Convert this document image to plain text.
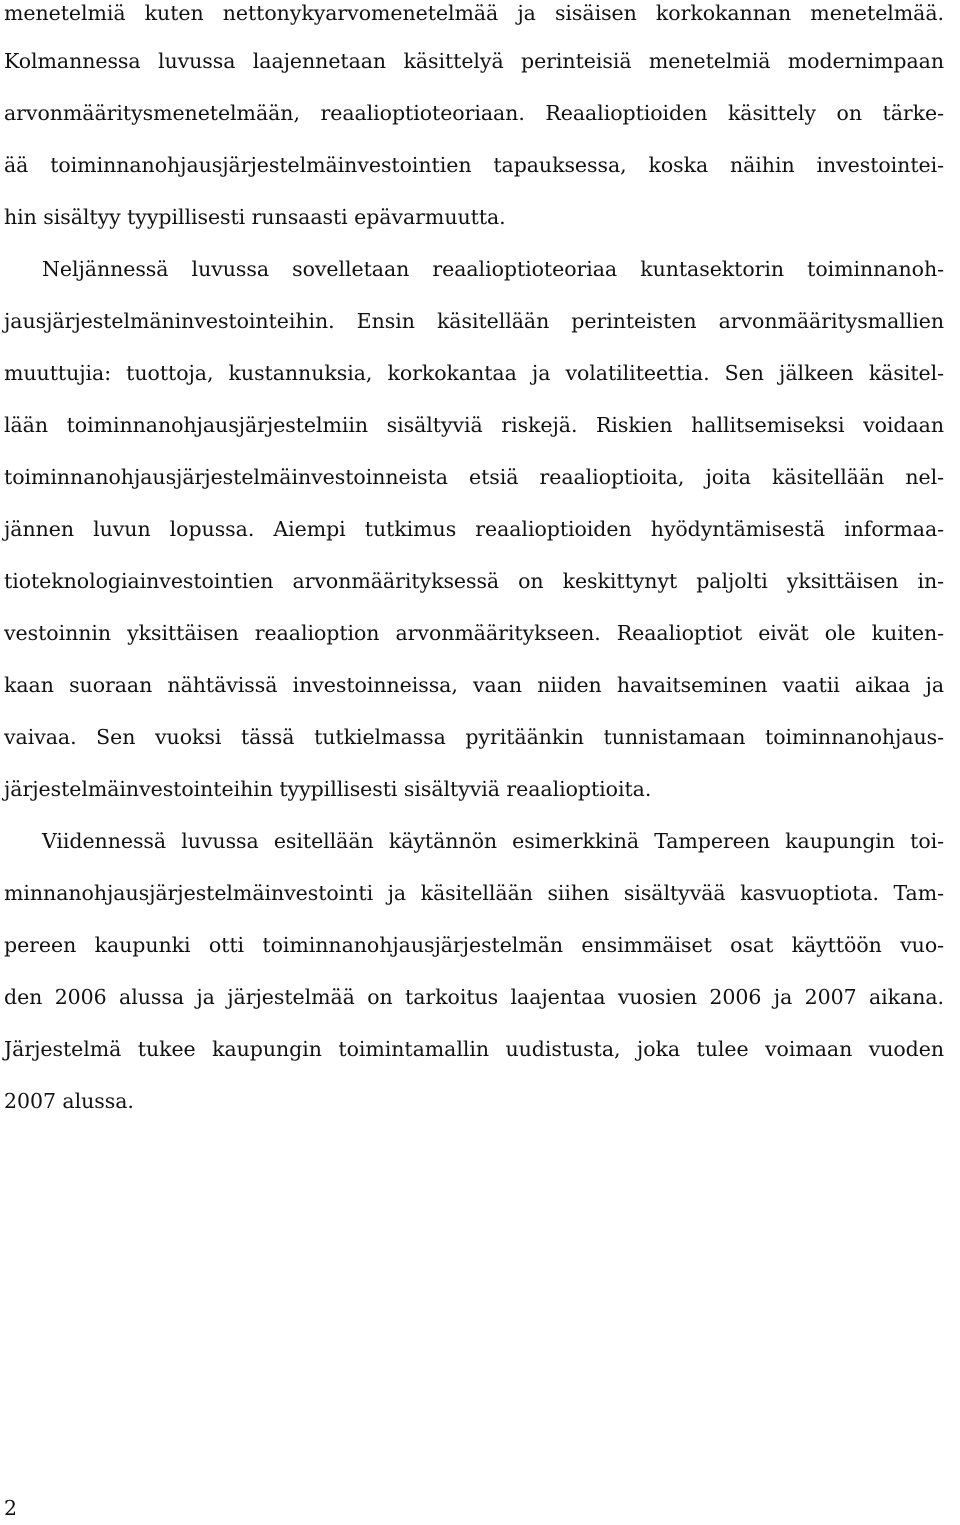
menetelmiä kuten nettonykyarvomenetelmää ja sisäisen korkokannan menetelmää.
Kolmannessa luvussa laajennetaan käsittelyä perinteisiä menetelmiä modernimpaan
arvonmääritysmenetelmään, reaalioptioteoriaan. Reaalioptioiden käsittely on tärke-
ää toiminnanohjausjärjestelmäinvestointien tapauksessa, koska näihin investointei-
hin sisältyy tyypillisesti runsaasti epävarmuutta.
Neljännessä luvussa sovelletaan reaalioptioteoriaa kuntasektorin toiminnanoh-
jausjärjestelmäninvestointeihin. Ensin käsitellään perinteisten arvonmääritysmallien
muuttujia: tuottoja, kustannuksia, korkokantaa ja volatiliteettia. Sen jälkeen käsitel-
lään toiminnanohjausjärjestelmiin sisältyviä riskejä. Riskien hallitsemiseksi voidaan
toiminnanohjausjärjestelmäinvestoinneista etsiä reaalioptioita, joita käsitellään nel-
jännen luvun lopussa. Aiempi tutkimus reaalioptioiden hyödyntämisestä informaa-
tioteknologiainvestointien arvonmäärityksessä on keskittynyt paljolti yksittäisen in-
vestoinnin yksittäisen reaalioption arvonmääritykseen. Reaalioptiot eivät ole kuiten-
kaan suoraan nähtävissä investoinneissa, vaan niiden havaitseminen vaatii aikaa ja
vaivaa. Sen vuoksi tässä tutkielmassa pyritäänkin tunnistamaan toiminnanohjaus-
järjestelmäinvestointeihin tyypillisesti sisältyviä reaalioptioita.
Viidennessä luvussa esitellään käytännön esimerkkinä Tampereen kaupungin toi-
minnanohjausjärjestelmäinvestointi ja käsitellään siihen sisältyvää kasvuoptiota. Tam-
pereen kaupunki otti toiminnanohjausjärjestelmän ensimmäiset osat käyttöön vuo-
den 2006 alussa ja järjestelmää on tarkoitus laajentaa vuosien 2006 ja 2007 aikana.
Järjestelmä tukee kaupungin toimintamallin uudistusta, joka tulee voimaan vuoden
2007 alussa.
2
